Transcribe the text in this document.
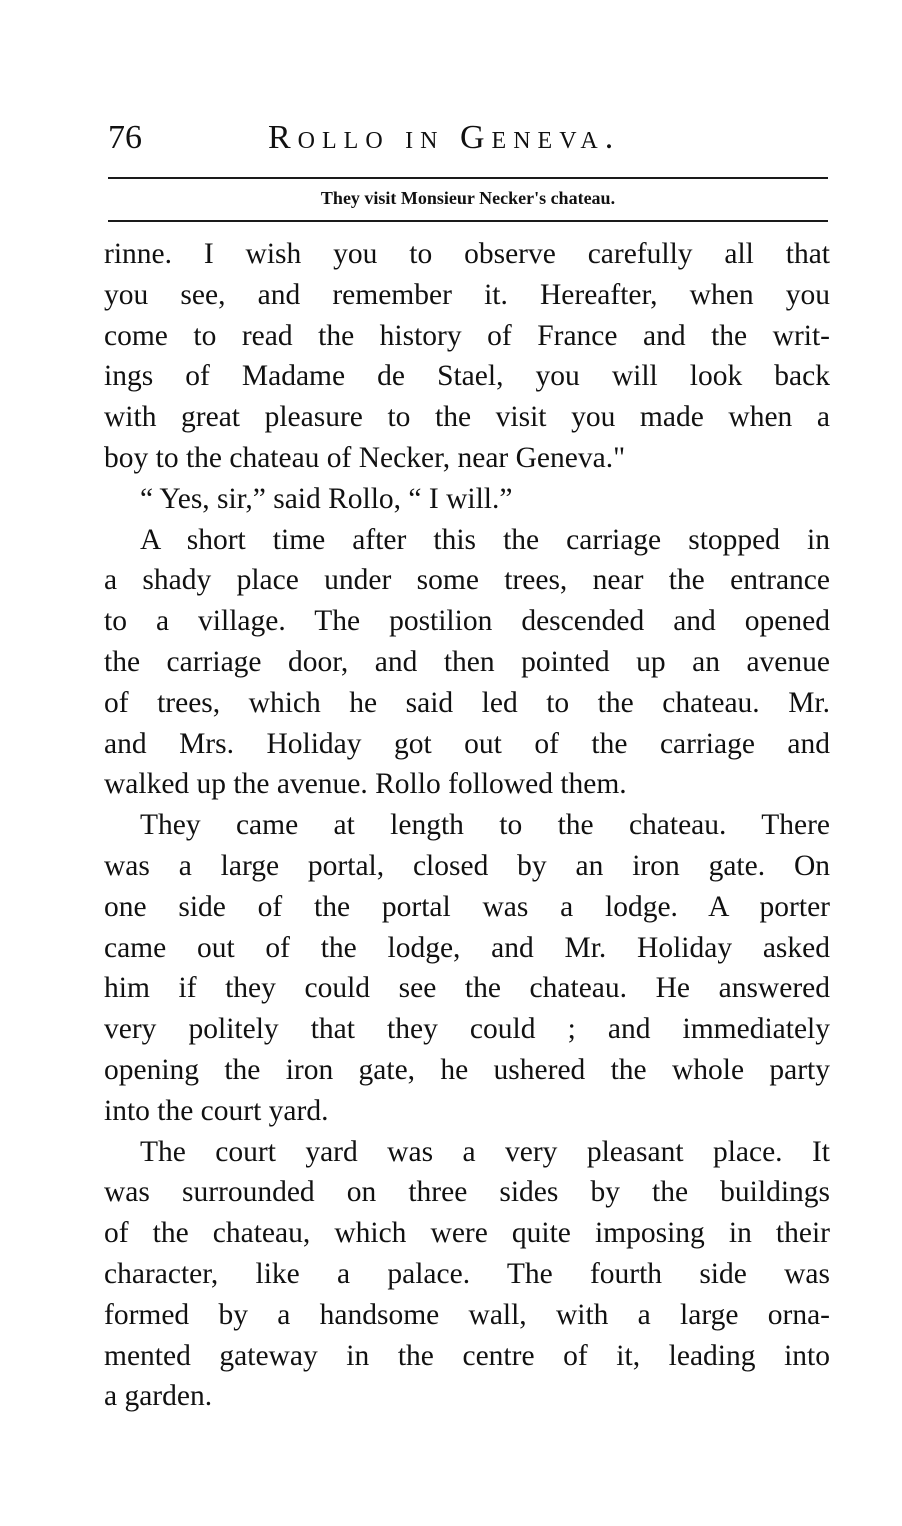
76	Rollo in Geneva.
They visit Monsieur Necker's chateau.
rinne. I wish you to observe carefully all that
you see, and remember it. Hereafter, when you
come to read the history of France and the writ-
ings of Madame de Stael, you will look back
with great pleasure to the visit you made when a
boy to the chateau of Necker, near Geneva."
“ Yes, sir,” said Rollo, “ I will.”
A short time after this the carriage stopped in
a shady place under some trees, near the entrance
to a village. The postilion descended and opened
the carriage door, and then pointed up an avenue
of trees, which he said led to the chateau. Mr.
and Mrs. Holiday got out of the carriage and
walked up the avenue. Rollo followed them.
They came at length to the chateau. There
was a large portal, closed by an iron gate. On
one side of the portal was a lodge. A porter
came out of the lodge, and Mr. Holiday asked
him if they could see the chateau. He answered
very politely that they could ; and immediately
opening the iron gate, he ushered the whole party
into the court yard.
The court yard was a very pleasant place. It
was surrounded on three sides by the buildings
of the chateau, which were quite imposing in their
character, like a palace. The fourth side was
formed by a handsome wall, with a large orna-
mented gateway in the centre of it, leading into
a garden.
